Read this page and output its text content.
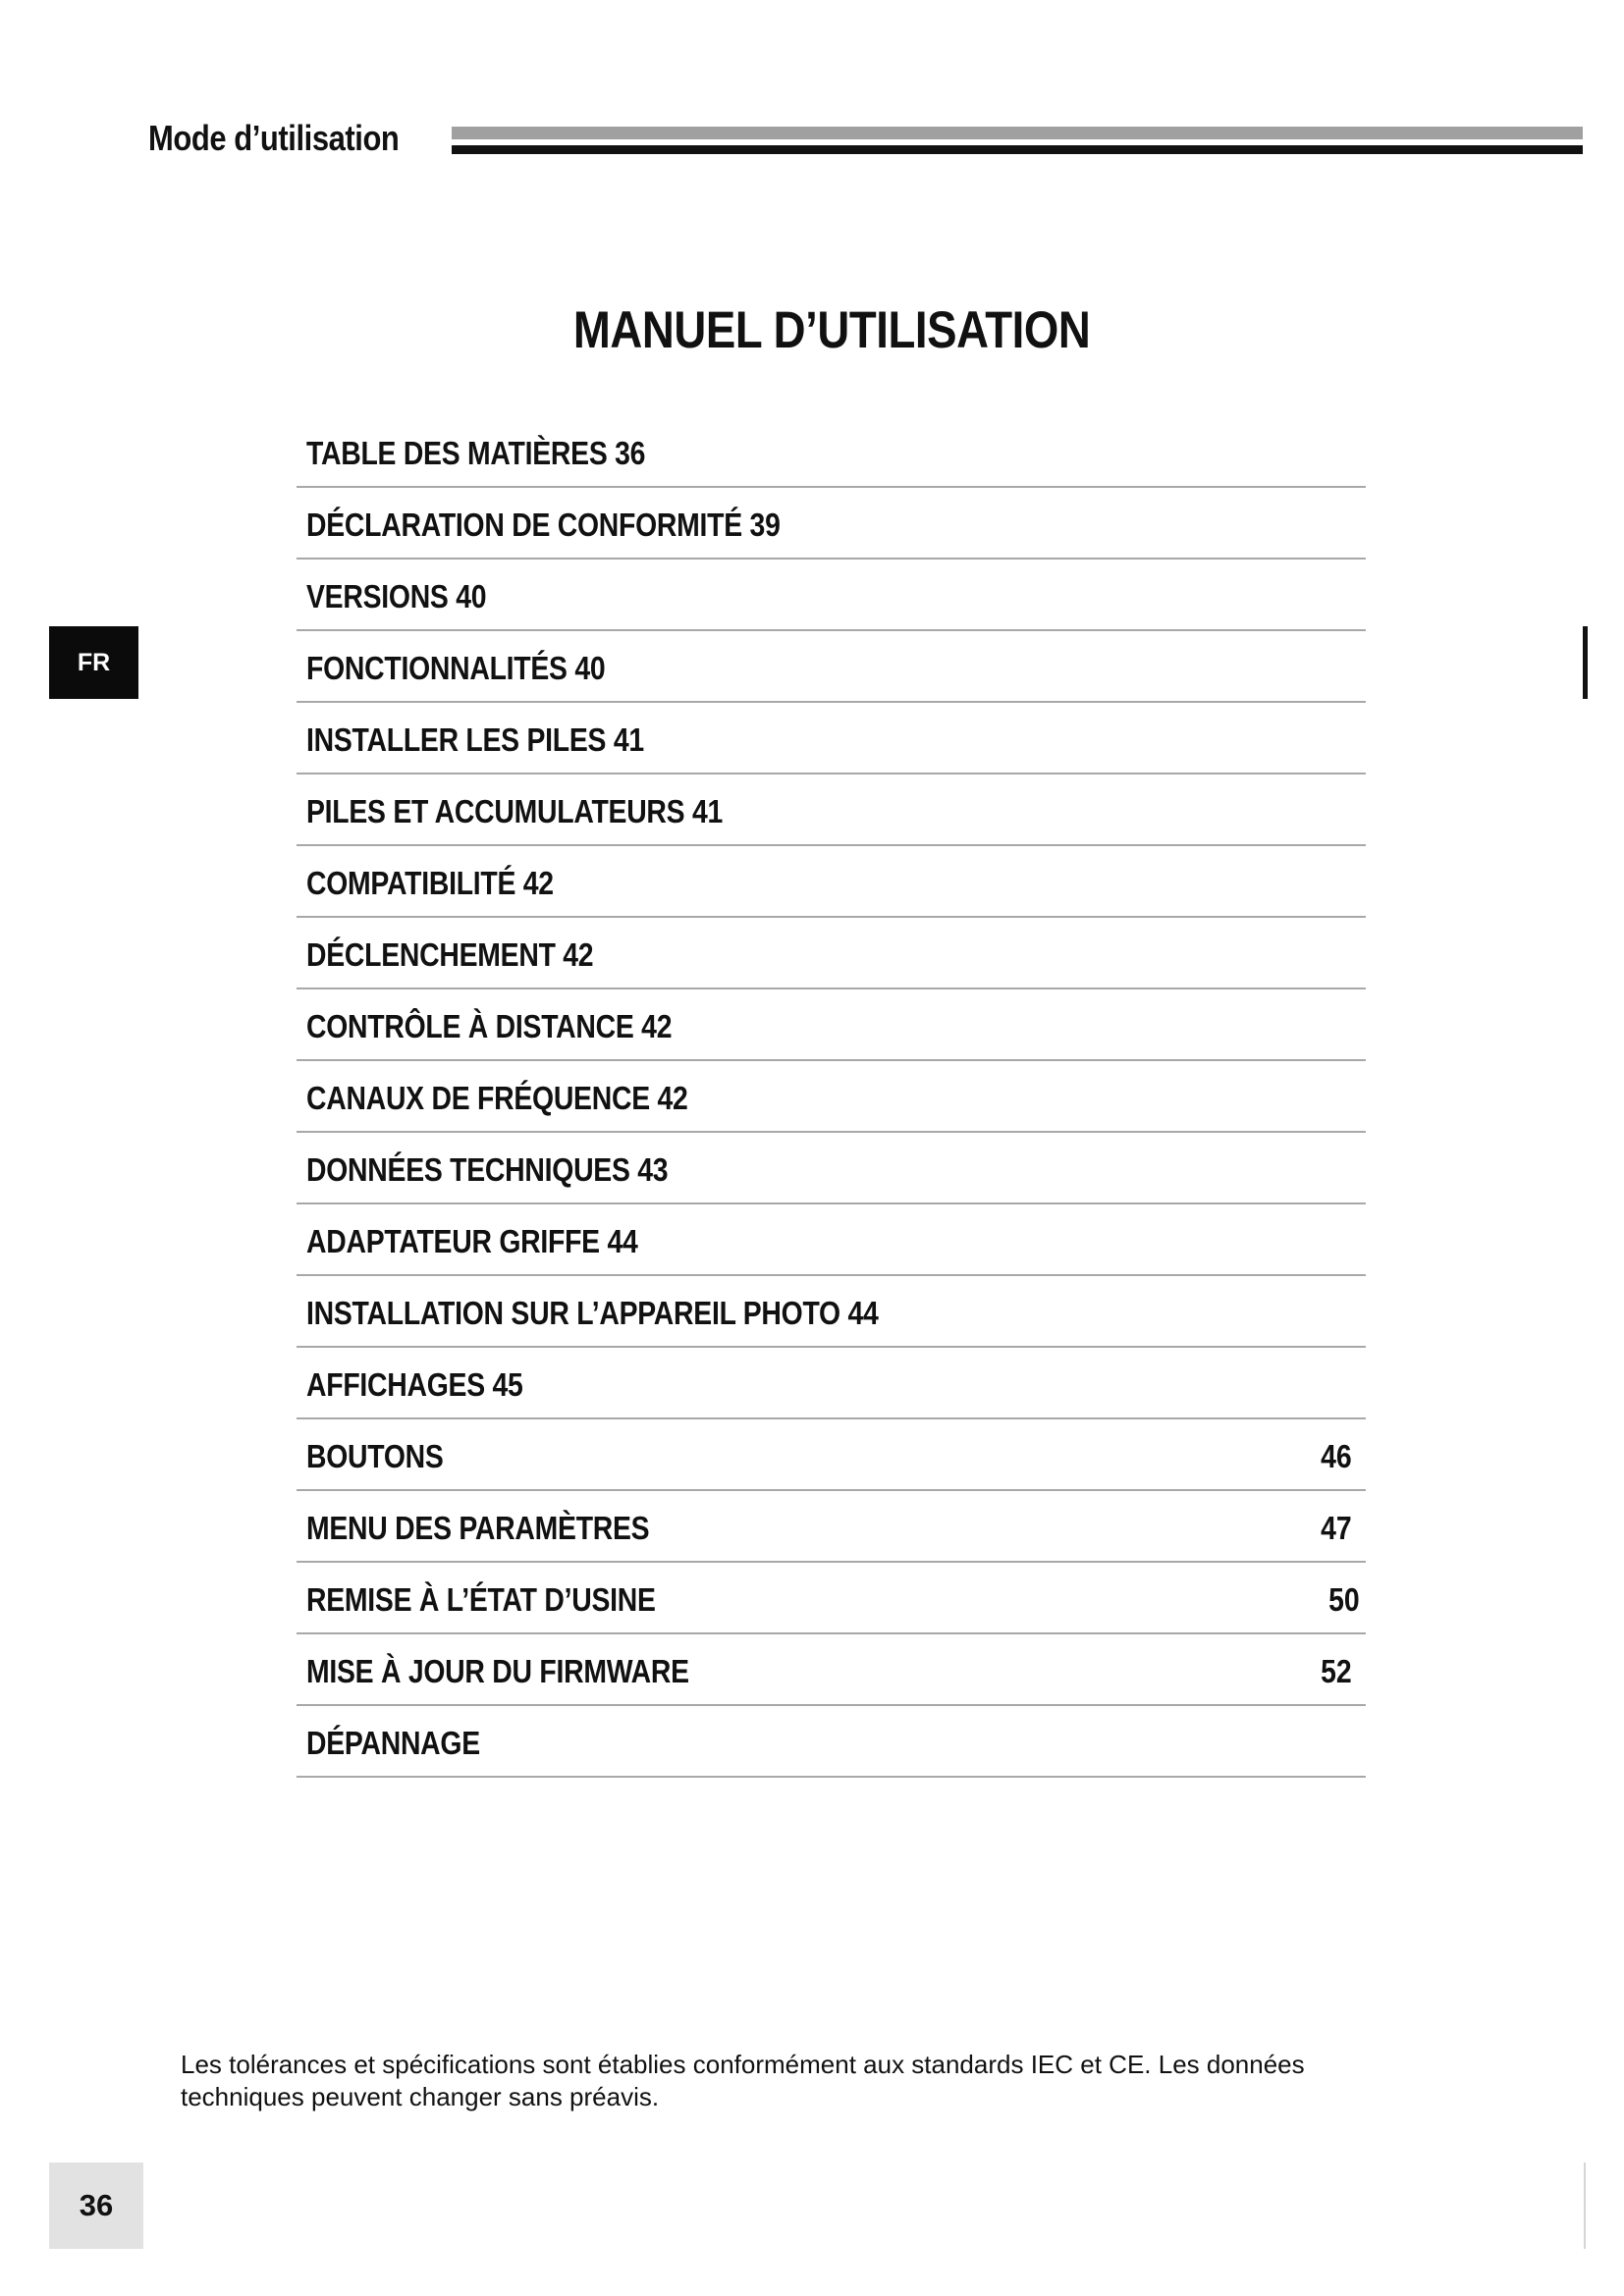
Mode d’utilisation
MANUEL D’UTILISATION
FR
TABLE DES MATIÈRES 36
DÉCLARATION DE CONFORMITÉ 39
VERSIONS 40
FONCTIONNALITÉS 40
INSTALLER LES PILES 41
PILES ET ACCUMULATEURS 41
COMPATIBILITÉ 42
DÉCLENCHEMENT 42
CONTRÔLE À DISTANCE 42
CANAUX DE FRÉQUENCE 42
DONNÉES TECHNIQUES 43
ADAPTATEUR GRIFFE 44
INSTALLATION SUR L’APPAREIL PHOTO 44
AFFICHAGES 45
BOUTONS	46
MENU DES PARAMÈTRES	47
REMISE À L’ÉTAT D’USINE	50
MISE À JOUR DU FIRMWARE	52
DÉPANNAGE
Les tolérances et spécifications sont établies conformément aux standards IEC et CE. Les données techniques peuvent changer sans préavis.
36
